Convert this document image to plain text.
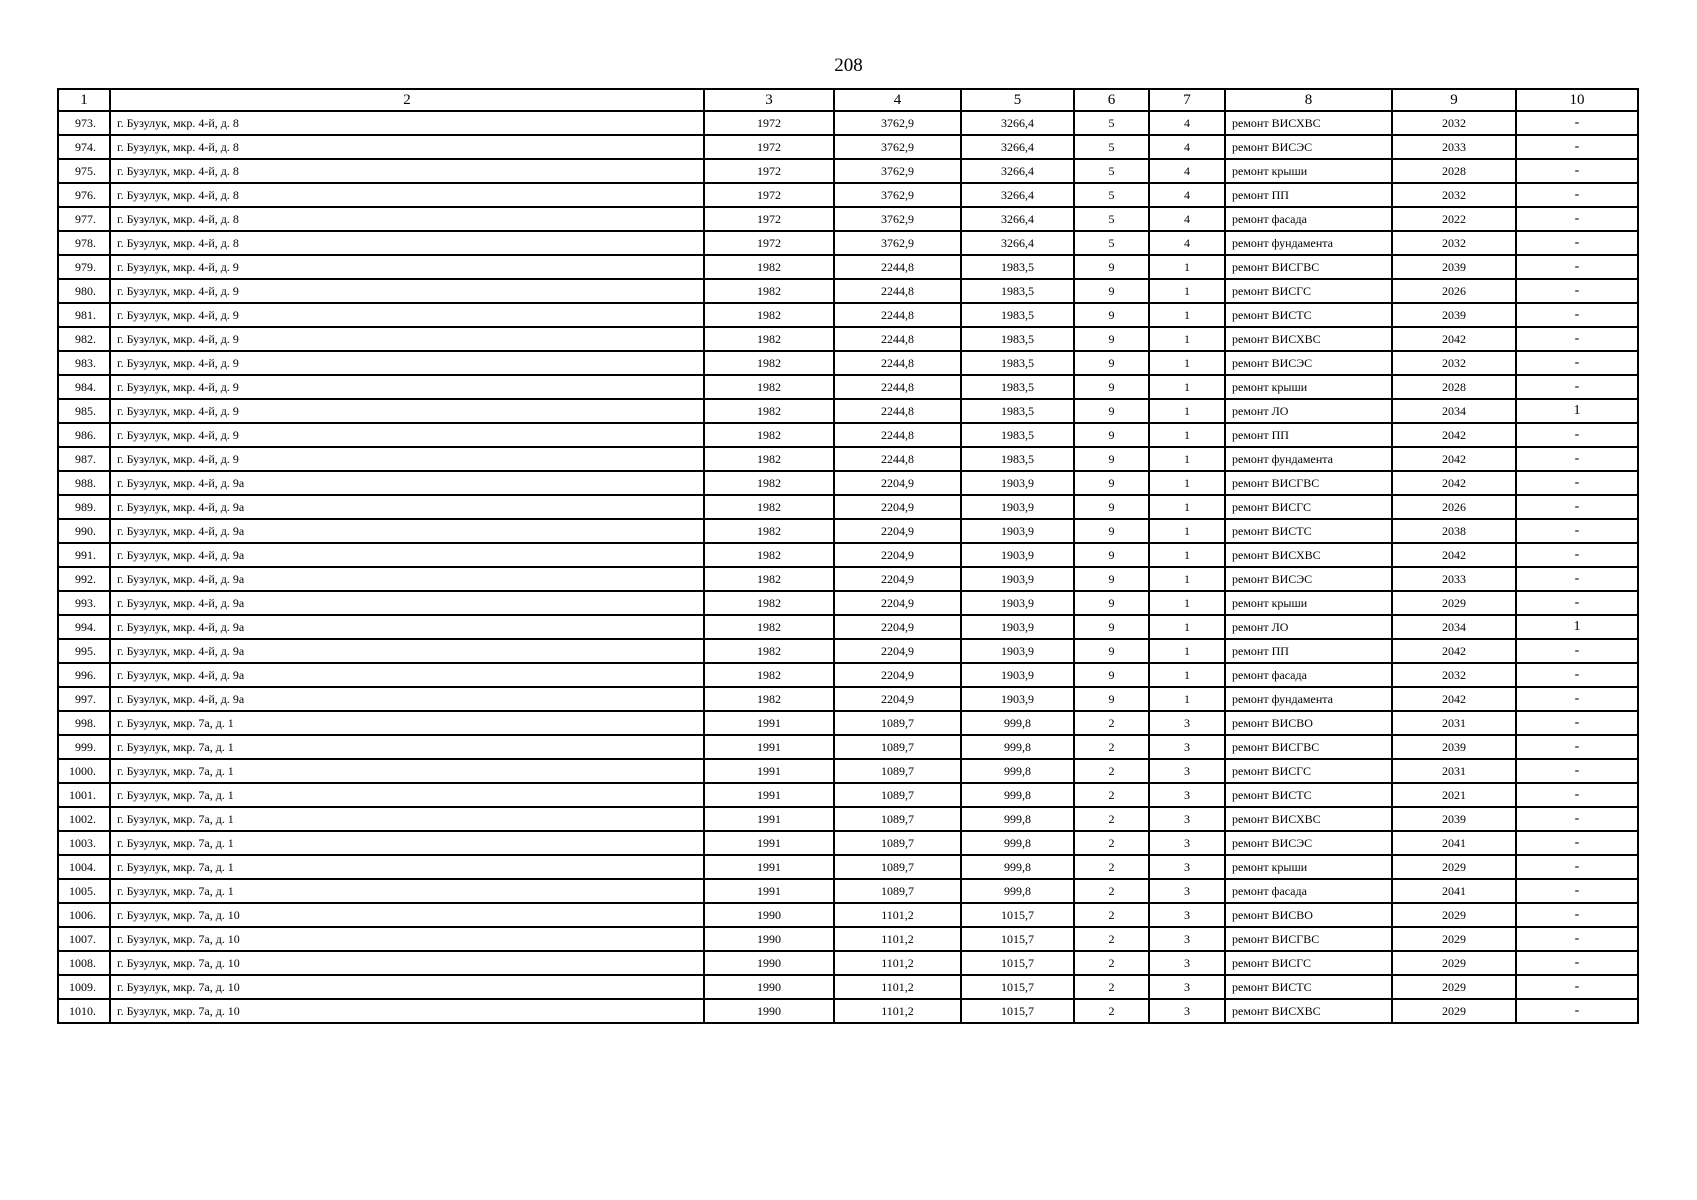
208
1	2	3	4	5	6	7	8	9	10
973.	г. Бузулук, мкр. 4-й, д. 8	1972	3762,9	3266,4	5	4	ремонт ВИСХВС	2032	-
974.	г. Бузулук, мкр. 4-й, д. 8	1972	3762,9	3266,4	5	4	ремонт ВИСЭС	2033	-
975.	г. Бузулук, мкр. 4-й, д. 8	1972	3762,9	3266,4	5	4	ремонт крыши	2028	-
976.	г. Бузулук, мкр. 4-й, д. 8	1972	3762,9	3266,4	5	4	ремонт ПП	2032	-
977.	г. Бузулук, мкр. 4-й, д. 8	1972	3762,9	3266,4	5	4	ремонт фасада	2022	-
978.	г. Бузулук, мкр. 4-й, д. 8	1972	3762,9	3266,4	5	4	ремонт фундамента	2032	-
979.	г. Бузулук, мкр. 4-й, д. 9	1982	2244,8	1983,5	9	1	ремонт ВИСГВС	2039	-
980.	г. Бузулук, мкр. 4-й, д. 9	1982	2244,8	1983,5	9	1	ремонт ВИСГС	2026	-
981.	г. Бузулук, мкр. 4-й, д. 9	1982	2244,8	1983,5	9	1	ремонт ВИСТС	2039	-
982.	г. Бузулук, мкр. 4-й, д. 9	1982	2244,8	1983,5	9	1	ремонт ВИСХВС	2042	-
983.	г. Бузулук, мкр. 4-й, д. 9	1982	2244,8	1983,5	9	1	ремонт ВИСЭС	2032	-
984.	г. Бузулук, мкр. 4-й, д. 9	1982	2244,8	1983,5	9	1	ремонт крыши	2028	-
985.	г. Бузулук, мкр. 4-й, д. 9	1982	2244,8	1983,5	9	1	ремонт ЛО	2034	1
986.	г. Бузулук, мкр. 4-й, д. 9	1982	2244,8	1983,5	9	1	ремонт ПП	2042	-
987.	г. Бузулук, мкр. 4-й, д. 9	1982	2244,8	1983,5	9	1	ремонт фундамента	2042	-
988.	г. Бузулук, мкр. 4-й, д. 9а	1982	2204,9	1903,9	9	1	ремонт ВИСГВС	2042	-
989.	г. Бузулук, мкр. 4-й, д. 9а	1982	2204,9	1903,9	9	1	ремонт ВИСГС	2026	-
990.	г. Бузулук, мкр. 4-й, д. 9а	1982	2204,9	1903,9	9	1	ремонт ВИСТС	2038	-
991.	г. Бузулук, мкр. 4-й, д. 9а	1982	2204,9	1903,9	9	1	ремонт ВИСХВС	2042	-
992.	г. Бузулук, мкр. 4-й, д. 9а	1982	2204,9	1903,9	9	1	ремонт ВИСЭС	2033	-
993.	г. Бузулук, мкр. 4-й, д. 9а	1982	2204,9	1903,9	9	1	ремонт крыши	2029	-
994.	г. Бузулук, мкр. 4-й, д. 9а	1982	2204,9	1903,9	9	1	ремонт ЛО	2034	1
995.	г. Бузулук, мкр. 4-й, д. 9а	1982	2204,9	1903,9	9	1	ремонт ПП	2042	-
996.	г. Бузулук, мкр. 4-й, д. 9а	1982	2204,9	1903,9	9	1	ремонт фасада	2032	-
997.	г. Бузулук, мкр. 4-й, д. 9а	1982	2204,9	1903,9	9	1	ремонт фундамента	2042	-
998.	г. Бузулук, мкр. 7а, д. 1	1991	1089,7	999,8	2	3	ремонт ВИСВО	2031	-
999.	г. Бузулук, мкр. 7а, д. 1	1991	1089,7	999,8	2	3	ремонт ВИСГВС	2039	-
1000.	г. Бузулук, мкр. 7а, д. 1	1991	1089,7	999,8	2	3	ремонт ВИСГС	2031	-
1001.	г. Бузулук, мкр. 7а, д. 1	1991	1089,7	999,8	2	3	ремонт ВИСТС	2021	-
1002.	г. Бузулук, мкр. 7а, д. 1	1991	1089,7	999,8	2	3	ремонт ВИСХВС	2039	-
1003.	г. Бузулук, мкр. 7а, д. 1	1991	1089,7	999,8	2	3	ремонт ВИСЭС	2041	-
1004.	г. Бузулук, мкр. 7а, д. 1	1991	1089,7	999,8	2	3	ремонт крыши	2029	-
1005.	г. Бузулук, мкр. 7а, д. 1	1991	1089,7	999,8	2	3	ремонт фасада	2041	-
1006.	г. Бузулук, мкр. 7а, д. 10	1990	1101,2	1015,7	2	3	ремонт ВИСВО	2029	-
1007.	г. Бузулук, мкр. 7а, д. 10	1990	1101,2	1015,7	2	3	ремонт ВИСГВС	2029	-
1008.	г. Бузулук, мкр. 7а, д. 10	1990	1101,2	1015,7	2	3	ремонт ВИСГС	2029	-
1009.	г. Бузулук, мкр. 7а, д. 10	1990	1101,2	1015,7	2	3	ремонт ВИСТС	2029	-
1010.	г. Бузулук, мкр. 7а, д. 10	1990	1101,2	1015,7	2	3	ремонт ВИСХВС	2029	-
